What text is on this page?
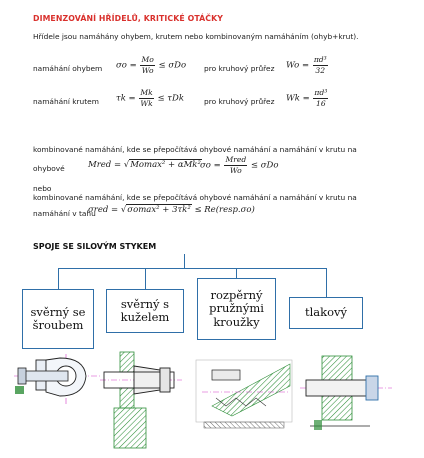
DIMENZOVÁNÍ HŘÍDELŮ, KRITICKÉ OTÁČKY
Hřídele jsou namáhány ohybem, krutem nebo kombinovaným namáháním (ohyb+krut).
namáhání ohybem $\sigma o = \frac{Mo}{Wo} \le \sigma Do$ pro kruhový průřez $Wo = \frac{\text{πd³}}{32}$
namáhání krutem $\tau k = \frac{Mk}{Wk} \le \tau Dk$	pro kruhový průřez $Wk = \frac{\text{πd³}}{16}$
kombinované namáhání, kde se přepočítává ohybové namáhání a namáhání v krutu na
ohybové	Mred = √Momax² + αMk² $\sigma o = \frac{\text{Mred}}{Wo} \le \sigma Do$
nebo
kombinované namáhání, kde se přepočítává ohybové namáhání a namáhání v krutu na
namáhání v tahu
σred = √σomax² + 3τk² ≤ Re(resp.σo)
SPOJE SE SILOVÝM STYKEM
svěrný se šroubem
svěrný s kuželem
rozpěrný pružnými kroužky
tlakový
